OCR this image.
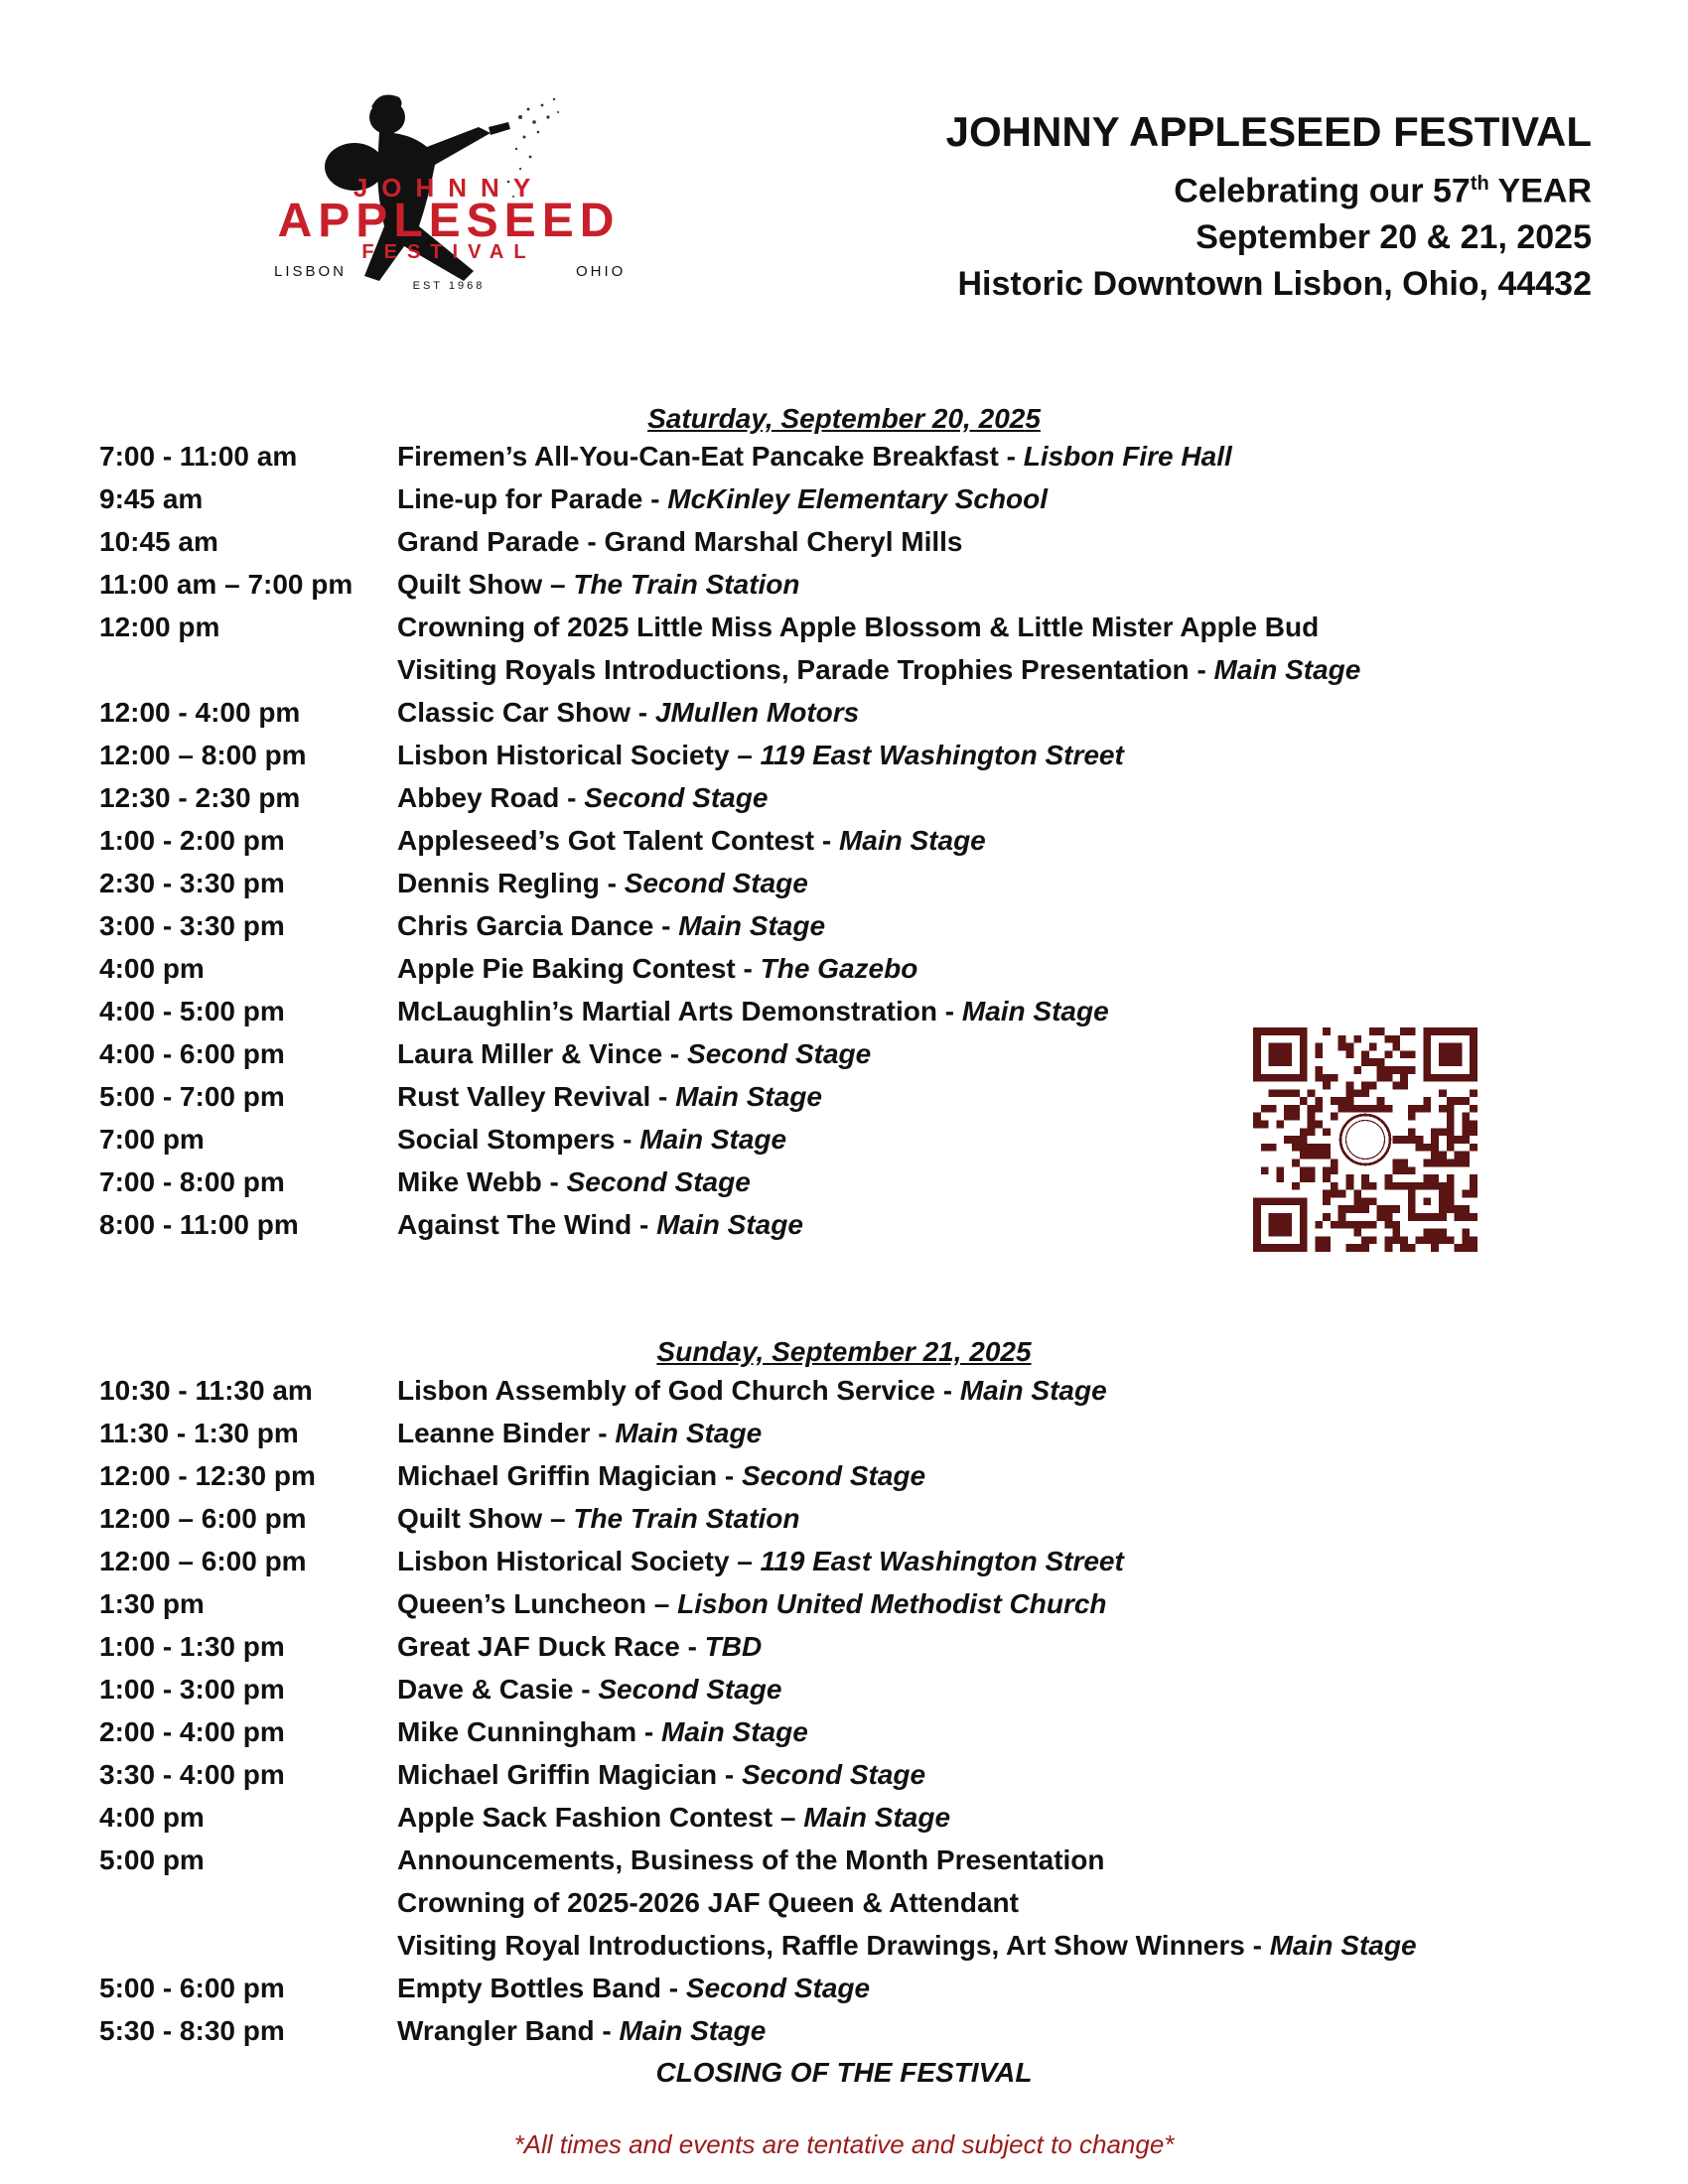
JOHNNY
APPLESEED
FESTIVAL
LISBON	OHIO
EST 1968
JOHNNY APPLESEED FESTIVAL
Celebrating our 57th YEAR
September 20 & 21, 2025
Historic Downtown Lisbon, Ohio, 44432
Saturday, September 20, 2025
7:00 - 11:00 am	Firemen’s All-You-Can-Eat Pancake Breakfast - Lisbon Fire Hall
9:45 am	Line-up for Parade - McKinley Elementary School
10:45 am	Grand Parade - Grand Marshal Cheryl Mills
11:00 am – 7:00 pm	Quilt Show – The Train Station
12:00 pm	Crowning of 2025 Little Miss Apple Blossom & Little Mister Apple Bud
Visiting Royals Introductions, Parade Trophies Presentation - Main Stage
12:00 - 4:00 pm	Classic Car Show - JMullen Motors
12:00 – 8:00 pm	Lisbon Historical Society – 119 East Washington Street
12:30 - 2:30 pm	Abbey Road - Second Stage
1:00 - 2:00 pm	Appleseed’s Got Talent Contest - Main Stage
2:30 - 3:30 pm	Dennis Regling - Second Stage
3:00 - 3:30 pm	Chris Garcia Dance - Main Stage
4:00 pm	Apple Pie Baking Contest - The Gazebo
4:00 - 5:00 pm	McLaughlin’s Martial Arts Demonstration - Main Stage
4:00 - 6:00 pm	Laura Miller & Vince - Second Stage
5:00 - 7:00 pm	Rust Valley Revival - Main Stage
7:00 pm	Social Stompers - Main Stage
7:00 - 8:00 pm	Mike Webb - Second Stage
8:00 - 11:00 pm	Against The Wind - Main Stage
Sunday, September 21, 2025
10:30 - 11:30 am	Lisbon Assembly of God Church Service - Main Stage
11:30 - 1:30 pm	Leanne Binder - Main Stage
12:00 - 12:30 pm	Michael Griffin Magician - Second Stage
12:00 – 6:00 pm	Quilt Show – The Train Station
12:00 – 6:00 pm	Lisbon Historical Society – 119 East Washington Street
1:30 pm	Queen’s Luncheon – Lisbon United Methodist Church
1:00 - 1:30 pm	Great JAF Duck Race - TBD
1:00 - 3:00 pm	Dave & Casie - Second Stage
2:00 - 4:00 pm	Mike Cunningham - Main Stage
3:30 - 4:00 pm	Michael Griffin Magician - Second Stage
4:00 pm	Apple Sack Fashion Contest – Main Stage
5:00 pm	Announcements, Business of the Month Presentation
Crowning of 2025-2026 JAF Queen & Attendant
Visiting Royal Introductions, Raffle Drawings, Art Show Winners - Main Stage
5:00 - 6:00 pm	Empty Bottles Band - Second Stage
5:30 - 8:30 pm	Wrangler Band - Main Stage
CLOSING OF THE FESTIVAL
*All times and events are tentative and subject to change*
